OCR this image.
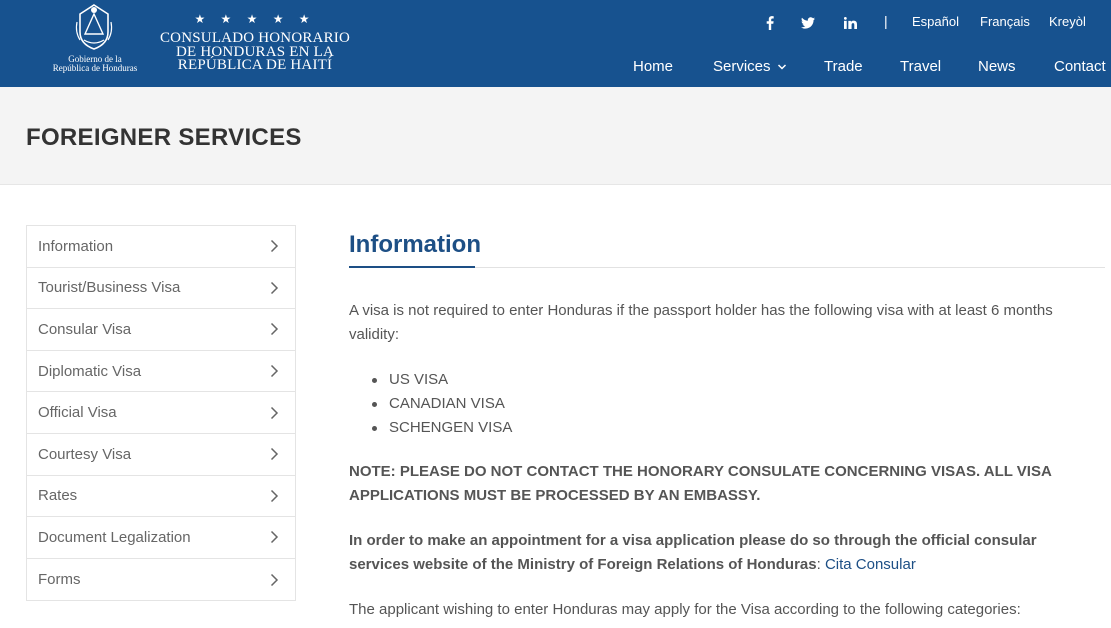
Gobierno de la
República de Honduras
★ ★ ★ ★ ★
CONSULADO HONORARIO
DE HONDURAS EN LA
REPÚBLICA DE HAITÍ
| Español Français Kreyòl
Home	Services	Trade Travel News	Contact
FOREIGNER SERVICES
Information
Tourist/Business Visa
Consular Visa
Diplomatic Visa
Official Visa
Courtesy Visa
Rates
Document Legalization
Forms
Information

A visa is not required to enter Honduras if the passport holder has the following visa with at least 6 months validity:

US VISA
CANADIAN VISA
SCHENGEN VISA

NOTE: PLEASE DO NOT CONTACT THE HONORARY CONSULATE CONCERNING VISAS. ALL VISA APPLICATIONS MUST BE PROCESSED BY AN EMBASSY.

In order to make an appointment for a visa application please do so through the official consular services website of the Ministry of Foreign Relations of Honduras: Cita Consular

The applicant wishing to enter Honduras may apply for the Visa according to the following categories:
